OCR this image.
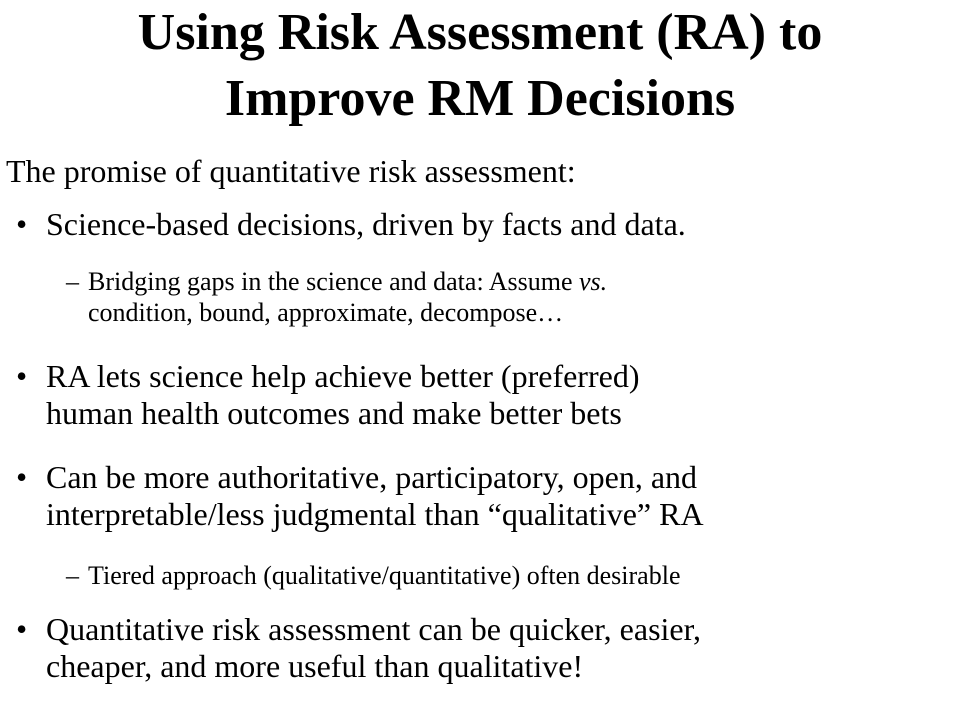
Using Risk Assessment (RA) to
Improve RM Decisions

The promise of quantitative risk assessment:

• Science-based decisions, driven by facts and data.
– Bridging gaps in the science and data: Assume vs.
condition, bound, approximate, decompose…
• RA lets science help achieve better (preferred)
human health outcomes and make better bets
• Can be more authoritative, participatory, open, and
interpretable/less judgmental than “qualitative” RA
– Tiered approach (qualitative/quantitative) often desirable
• Quantitative risk assessment can be quicker, easier,
cheaper, and more useful than qualitative!
